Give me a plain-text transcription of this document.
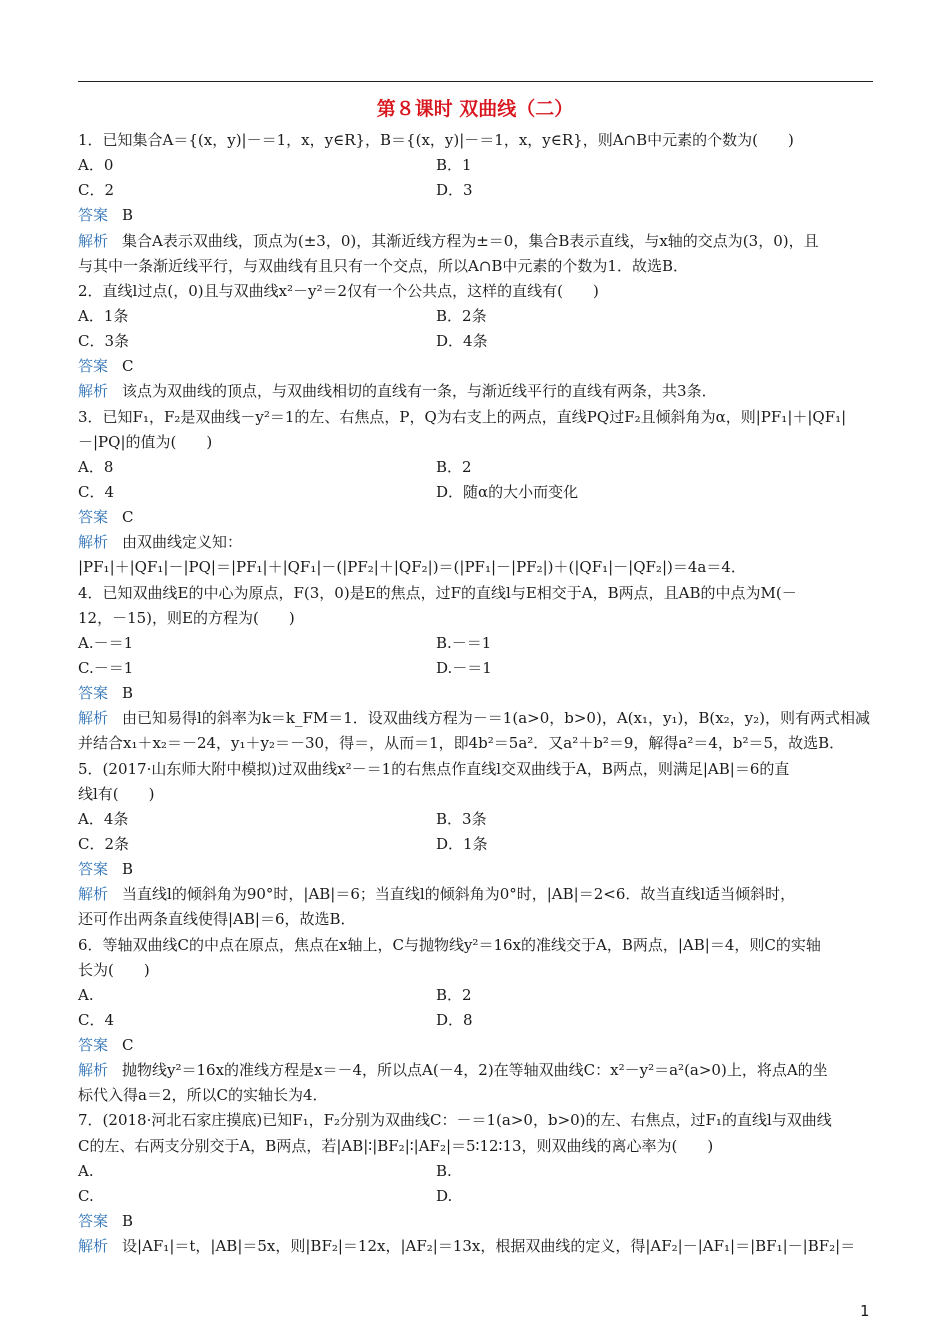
第８课时 双曲线（二）
1．已知集合A＝{(x，y)|－＝1，x，y∈R}，B＝{(x，y)|－＝1，x，y∈R}，则A∩B中元素的个数为(　　)
A．0	B．1
C．2	D．3
答案 B
解析 集合A表示双曲线，顶点为(±3，0)，其渐近线方程为±＝0，集合B表示直线，与x轴的交点为(3，0)，且
与其中一条渐近线平行，与双曲线有且只有一个交点，所以A∩B中元素的个数为1．故选B．
2．直线l过点(，0)且与双曲线x²－y²＝2仅有一个公共点，这样的直线有(　　)
A．1条	B．2条
C．3条	D．4条
答案 C
解析 该点为双曲线的顶点，与双曲线相切的直线有一条，与渐近线平行的直线有两条，共3条．
3．已知F₁，F₂是双曲线－y²＝1的左、右焦点，P，Q为右支上的两点，直线PQ过F₂且倾斜角为α，则|PF₁|＋|QF₁|
－|PQ|的值为(　　)
A．8	B．2
C．4	D．随α的大小而变化
答案 C
解析 由双曲线定义知：
|PF₁|＋|QF₁|－|PQ|＝|PF₁|＋|QF₁|－(|PF₂|＋|QF₂|)＝(|PF₁|－|PF₂|)＋(|QF₁|－|QF₂|)＝4a＝4．
4．已知双曲线E的中心为原点，F(3，0)是E的焦点，过F的直线l与E相交于A，B两点，且AB的中点为M(－
12，－15)，则E的方程为(　　)
A.－＝1	B.－＝1
C.－＝1	D.－＝1
答案 B
解析 由已知易得l的斜率为k＝k_FM＝1．设双曲线方程为－＝1(a>0，b>0)，A(x₁，y₁)，B(x₂，y₂)，则有两式相减
并结合x₁＋x₂＝－24，y₁＋y₂＝－30，得＝，从而＝1，即4b²＝5a²．又a²＋b²＝9，解得a²＝4，b²＝5，故选B．
5．(2017·山东师大附中模拟)过双曲线x²－＝1的右焦点作直线l交双曲线于A，B两点，则满足|AB|＝6的直
线l有(　　)
A．4条	B．3条
C．2条	D．1条
答案 B
解析 当直线l的倾斜角为90°时，|AB|＝6；当直线l的倾斜角为0°时，|AB|＝2<6．故当直线l适当倾斜时，
还可作出两条直线使得|AB|＝6，故选B．
6．等轴双曲线C的中点在原点，焦点在x轴上，C与抛物线y²＝16x的准线交于A，B两点，|AB|＝4，则C的实轴
长为(　　)
A.	B．2
C．4	D．8
答案 C
解析 抛物线y²＝16x的准线方程是x＝－4，所以点A(－4，2)在等轴双曲线C：x²－y²＝a²(a>0)上，将点A的坐
标代入得a＝2，所以C的实轴长为4．
7．(2018·河北石家庄摸底)已知F₁，F₂分别为双曲线C：－＝1(a>0，b>0)的左、右焦点，过F₁的直线l与双曲线
C的左、右两支分别交于A，B两点，若|AB|∶|BF₂|∶|AF₂|＝5∶12∶13，则双曲线的离心率为(　　)
A.	B.
C.	D.
答案 B
解析 设|AF₁|＝t，|AB|＝5x，则|BF₂|＝12x，|AF₂|＝13x，根据双曲线的定义，得|AF₂|－|AF₁|＝|BF₁|－|BF₂|＝
1
